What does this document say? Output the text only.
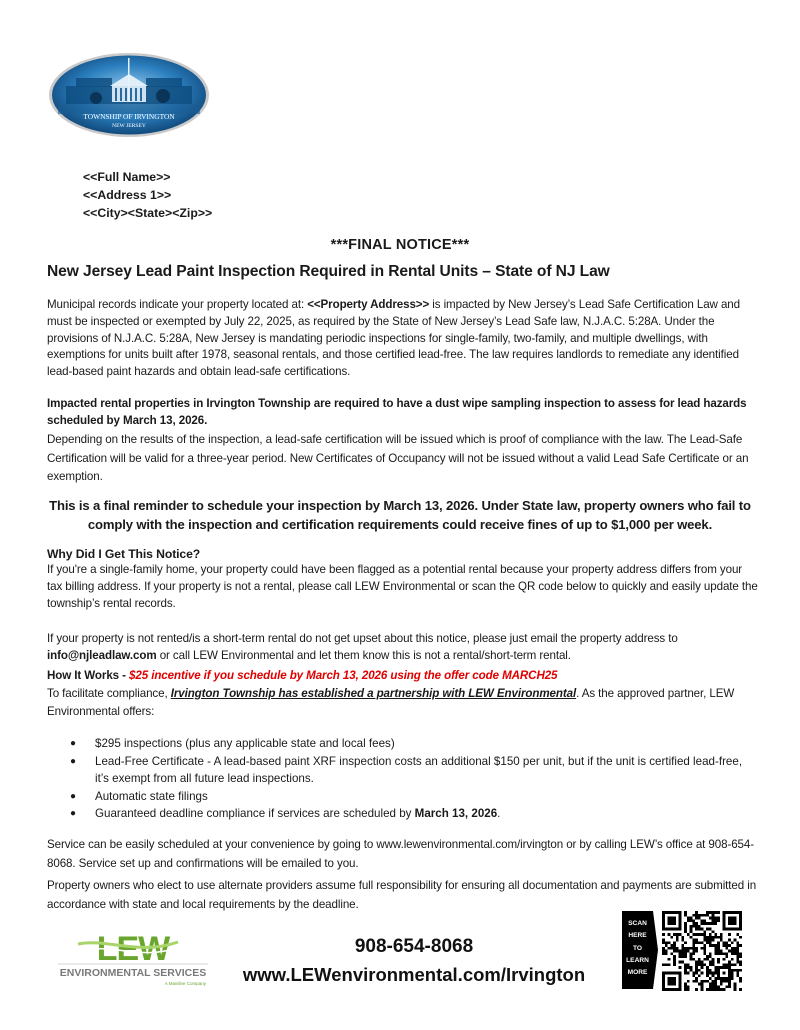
TOWNSHIP OF IRVINGTON
NEW JERSEY
<<Full Name>>
<<Address 1>>
<<City><State><Zip>>
***FINAL NOTICE***
New Jersey Lead Paint Inspection Required in Rental Units – State of NJ Law
Municipal records indicate your property located at: <<Property Address>> is impacted by New Jersey’s Lead Safe Certification Law and must be inspected or exempted by July 22, 2025, as required by the State of New Jersey’s Lead Safe law, N.J.A.C. 5:28A. Under the provisions of N.J.A.C. 5:28A, New Jersey is mandating periodic inspections for single-family, two-family, and multiple dwellings, with exemptions for units built after 1978, seasonal rentals, and those certified lead-free. The law requires landlords to remediate any identified lead-based paint hazards and obtain lead-safe certifications.
Impacted rental properties in Irvington Township are required to have a dust wipe sampling inspection to assess for lead hazards scheduled by March 13, 2026.
Depending on the results of the inspection, a lead-safe certification will be issued which is proof of compliance with the law. The Lead-Safe Certification will be valid for a three-year period. New Certificates of Occupancy will not be issued without a valid Lead Safe Certificate or an exemption.
This is a final reminder to schedule your inspection by March 13, 2026. Under State law, property owners who fail to comply with the inspection and certification requirements could receive fines of up to $1,000 per week.
Why Did I Get This Notice?
If you're a single-family home, your property could have been flagged as a potential rental because your property address differs from your tax billing address. If your property is not a rental, please call LEW Environmental or scan the QR code below to quickly and easily update the township’s rental records.
If your property is not rented/is a short-term rental do not get upset about this notice, please just email the property address to info@njleadlaw.com or call LEW Environmental and let them know this is not a rental/short-term rental.
How It Works - $25 incentive if you schedule by March 13, 2026 using the offer code MARCH25
To facilitate compliance, Irvington Township has established a partnership with LEW Environmental. As the approved partner, LEW Environmental offers:
● $295 inspections (plus any applicable state and local fees)
● Lead-Free Certificate - A lead-based paint XRF inspection costs an additional $150 per unit, but if the unit is certified lead-free, it’s exempt from all future lead inspections.
● Automatic state filings
● Guaranteed deadline compliance if services are scheduled by March 13, 2026.
Service can be easily scheduled at your convenience by going to www.lewenvironmental.com/irvington or by calling LEW’s office at 908-654-8068. Service set up and confirmations will be emailed to you.
Property owners who elect to use alternate providers assume full responsibility for ensuring all documentation and payments are submitted in accordance with state and local requirements by the deadline.
LEW
ENVIRONMENTAL SERVICES
A Mainline Company
908-654-8068
www.LEWenvironmental.com/Irvington
SCAN
HERE
TO
LEARN
MORE
